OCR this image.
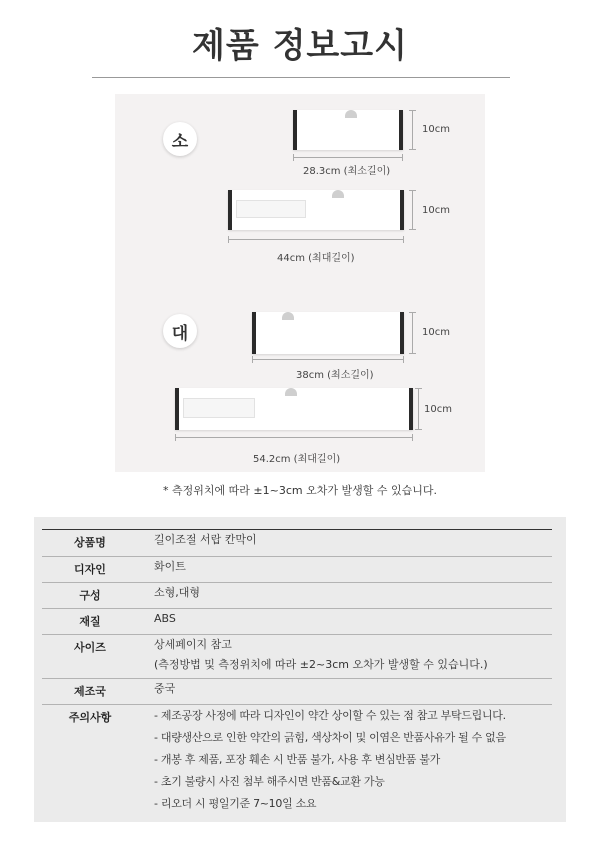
제품 정보고시
소
10cm
28.3cm (최소길이)
10cm
44cm (최대길이)
대	10cm
38cm (최소길이)
10cm
54.2cm (최대길이)
* 측정위치에 따라 ±1~3cm 오차가 발생할 수 있습니다.
상품명	길이조절 서랍 칸막이
디자인	화이트
구성	소형,대형
재질	ABS
사이즈	상세페이지 참고
(측정방법 및 측정위치에 따라 ±2~3cm 오차가 발생할 수 있습니다.)
제조국	중국
주의사항	- 제조공장 사정에 따라 디자인이 약간 상이할 수 있는 점 참고 부탁드립니다.
- 대량생산으로 인한 약간의 긁힘, 색상차이 및 이염은 반품사유가 될 수 없음
- 개봉 후 제품, 포장 훼손 시 반품 불가, 사용 후 변심반품 불가
- 초기 불량시 사진 첨부 해주시면 반품&교환 가능
- 리오더 시 평일기준 7~10일 소요
